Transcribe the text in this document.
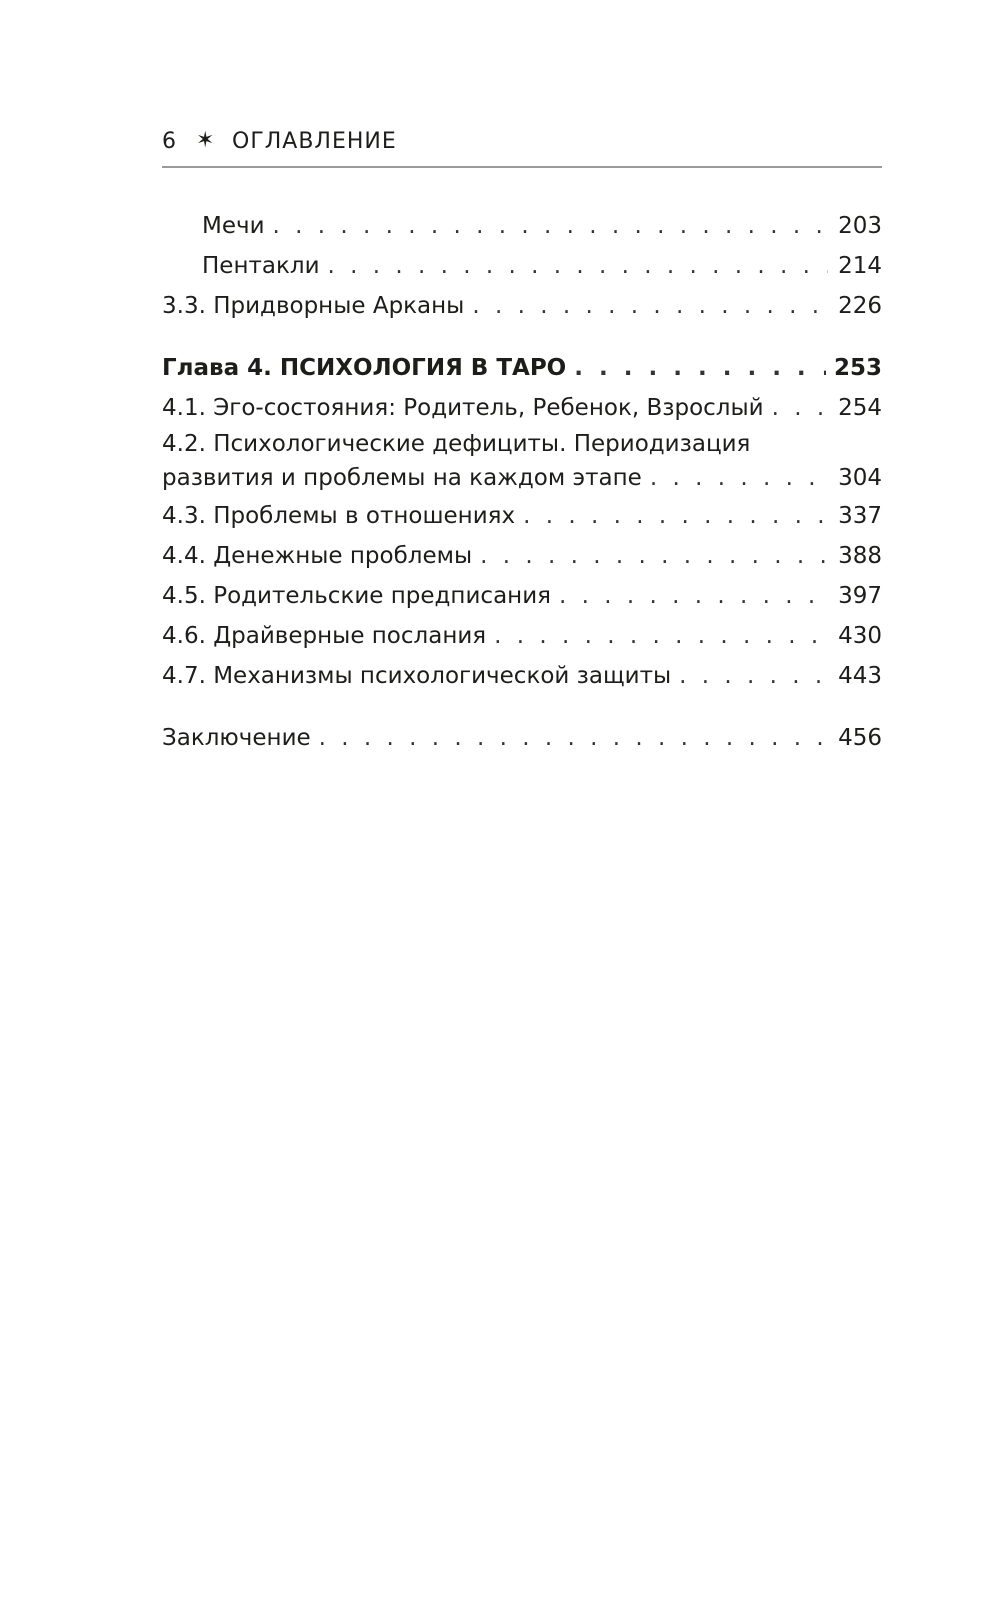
6 ✶ ОГЛАВЛЕНИЕ
Мечи . . .	203
Пентакли . . .	214
3.3. Придворные Арканы . . .	226
Глава 4. ПСИХОЛОГИЯ В ТАРО . . .	253
4.1. Эго-состояния: Родитель, Ребенок, Взрослый . . .	254
4.2. Психологические дефициты. Периодизация
развития и проблемы на каждом этапе . . .	304
4.3. Проблемы в отношениях . . .	337
4.4. Денежные проблемы . . .	388
4.5. Родительские предписания . . .	397
4.6. Драйверные послания . . .	430
4.7. Механизмы психологической защиты . . .	443
Заключение . . .	456
